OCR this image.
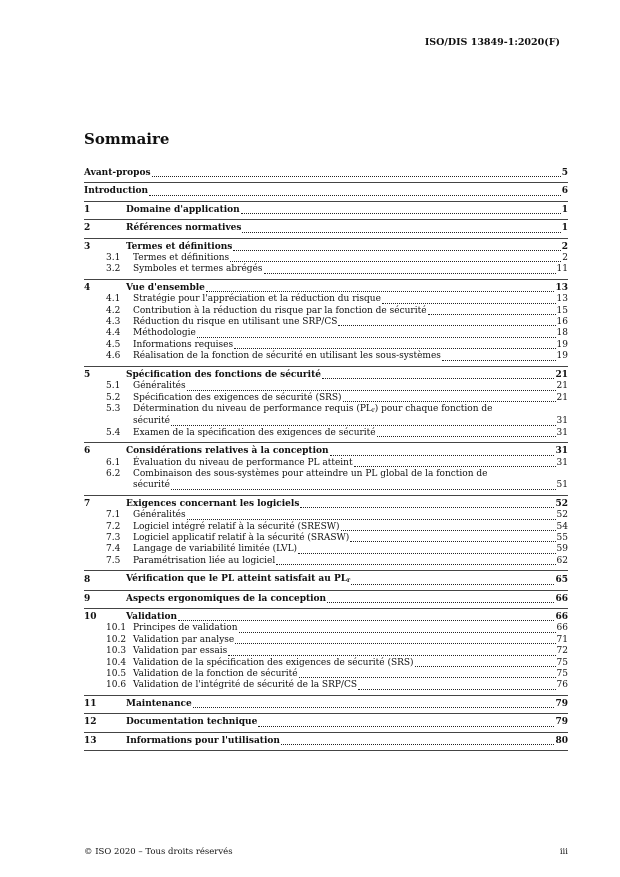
ISO/DIS 13849-1:2020(F)
Sommaire
Avant-propos	5
Introduction	6
1	Domaine d'application	1
2	Références normatives	1
3	Termes et définitions	2
3.1	Termes et définitions	2
3.2	Symboles et termes abrégés	11
4	Vue d'ensemble	13
4.1	Stratégie pour l'appréciation et la réduction du risque	13
4.2	Contribution à la réduction du risque par la fonction de sécurité	15
4.3	Réduction du risque en utilisant une SRP/CS	16
4.4	Méthodologie	18
4.5	Informations requises	19
4.6	Réalisation de la fonction de sécurité en utilisant les sous-systèmes	19
5	Spécification des fonctions de sécurité	21
5.1	Généralités	21
5.2	Spécification des exigences de sécurité (SRS)	21
5.3	Détermination du niveau de performance requis $(PL_r)$ pour chaque fonction de
sécurité	31
5.4	Examen de la spécification des exigences de sécurité	31
6	Considérations relatives à la conception	31
6.1	Évaluation du niveau de performance PL atteint	31
6.2	Combinaison des sous-systèmes pour atteindre un PL global de la fonction de
sécurité	51
7	Exigences concernant les logiciels	52
7.1	Généralités	52
7.2	Logiciel intégré relatif à la sécurité (SRESW)	54
7.3	Logiciel applicatif relatif à la sécurité (SRASW)	55
7.4	Langage de variabilité limitée (LVL)	59
7.5	Paramétrisation liée au logiciel	62
8	Vérification que le PL atteint satisfait au $PL_r$	65
9	Aspects ergonomiques de la conception	66
10	Validation	66
10.1 Principes de validation	66
10.2 Validation par analyse	71
10.3 Validation par essais	72
10.4 Validation de la spécification des exigences de sécurité (SRS)	75
10.5 Validation de la fonction de sécurité	75
10.6 Validation de l'intégrité de sécurité de la SRP/CS	76
11	Maintenance	79
12	Documentation technique	79
13	Informations pour l'utilisation	80
© ISO 2020 – Tous droits réservés	iii
